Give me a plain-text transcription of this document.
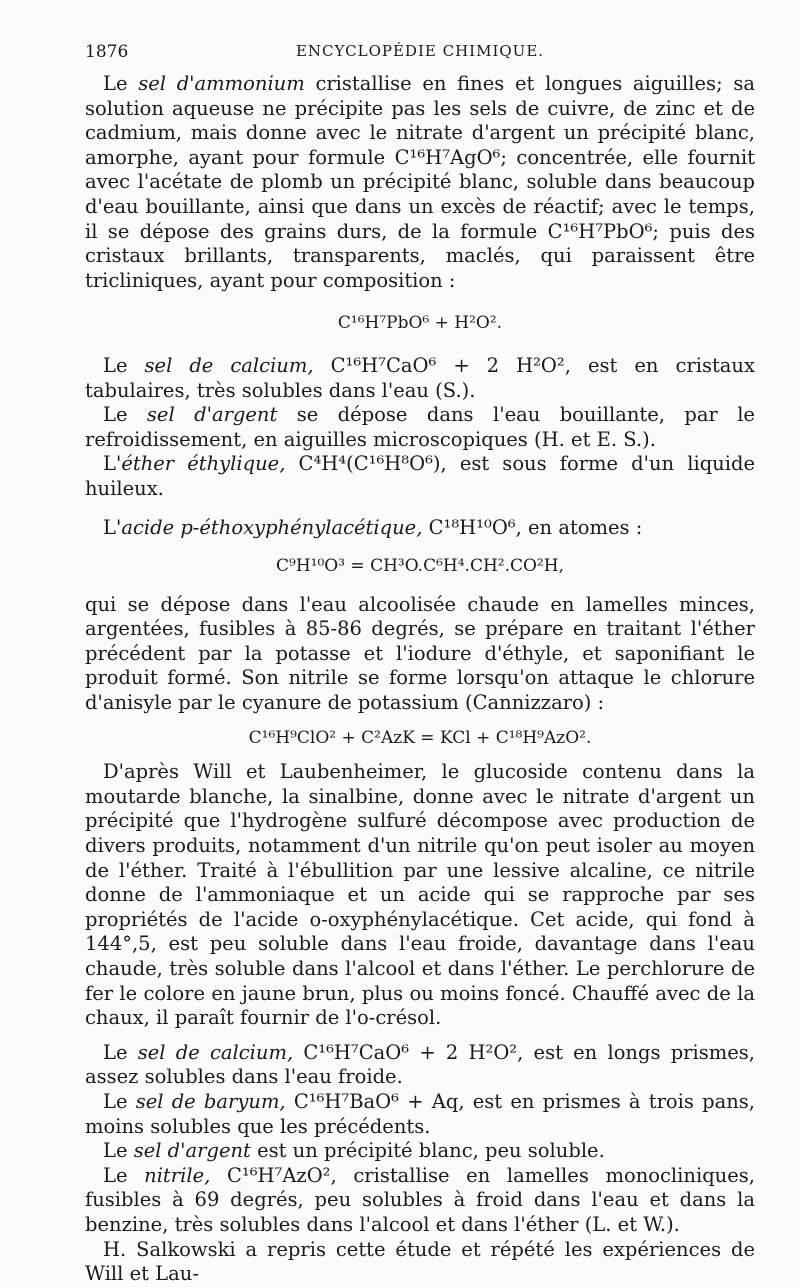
1876	ENCYCLOPÉDIE CHIMIQUE.

Le sel d'ammonium cristallise en fines et longues aiguilles; sa solution aqueuse ne précipite pas les sels de cuivre, de zinc et de cadmium, mais donne avec le nitrate d'argent un précipité blanc, amorphe, ayant pour formule C¹⁶H⁷AgO⁶; concentrée, elle fournit avec l'acétate de plomb un précipité blanc, soluble dans beaucoup d'eau bouillante, ainsi que dans un excès de réactif; avec le temps, il se dépose des grains durs, de la formule C¹⁶H⁷PbO⁶; puis des cristaux brillants, transparents, maclés, qui paraissent être tricliniques, ayant pour composition :

C¹⁶H⁷PbO⁶ + H²O².

Le sel de calcium, C¹⁶H⁷CaO⁶ + 2 H²O², est en cristaux tabulaires, très solubles dans l'eau (S.).

Le sel d'argent se dépose dans l'eau bouillante, par le refroidissement, en aiguilles microscopiques (H. et E. S.).

L'éther éthylique, C⁴H⁴(C¹⁶H⁸O⁶), est sous forme d'un liquide huileux.

L'acide p-éthoxyphénylacétique, C¹⁸H¹⁰O⁶, en atomes :

C⁹H¹⁰O³ = CH³O.C⁶H⁴.CH².CO²H,

qui se dépose dans l'eau alcoolisée chaude en lamelles minces, argentées, fusibles à 85-86 degrés, se prépare en traitant l'éther précédent par la potasse et l'iodure d'éthyle, et saponifiant le produit formé. Son nitrile se forme lorsqu'on attaque le chlorure d'anisyle par le cyanure de potassium (Cannizzaro) :

C¹⁶H⁹ClO² + C²AzK = KCl + C¹⁸H⁹AzO².

D'après Will et Laubenheimer, le glucoside contenu dans la moutarde blanche, la sinalbine, donne avec le nitrate d'argent un précipité que l'hydrogène sulfuré décompose avec production de divers produits, notamment d'un nitrile qu'on peut isoler au moyen de l'éther. Traité à l'ébullition par une lessive alcaline, ce nitrile donne de l'ammoniaque et un acide qui se rapproche par ses propriétés de l'acide o-oxyphénylacétique. Cet acide, qui fond à 144°,5, est peu soluble dans l'eau froide, davantage dans l'eau chaude, très soluble dans l'alcool et dans l'éther. Le perchlorure de fer le colore en jaune brun, plus ou moins foncé. Chauffé avec de la chaux, il paraît fournir de l'o-crésol.

Le sel de calcium, C¹⁶H⁷CaO⁶ + 2 H²O², est en longs prismes, assez solubles dans l'eau froide.

Le sel de baryum, C¹⁶H⁷BaO⁶ + Aq, est en prismes à trois pans, moins solubles que les précédents.

Le sel d'argent est un précipité blanc, peu soluble.

Le nitrile, C¹⁶H⁷AzO², cristallise en lamelles monocliniques, fusibles à 69 degrés, peu solubles à froid dans l'eau et dans la benzine, très solubles dans l'alcool et dans l'éther (L. et W.).

H. Salkowski a repris cette étude et répété les expériences de Will et Lau-
